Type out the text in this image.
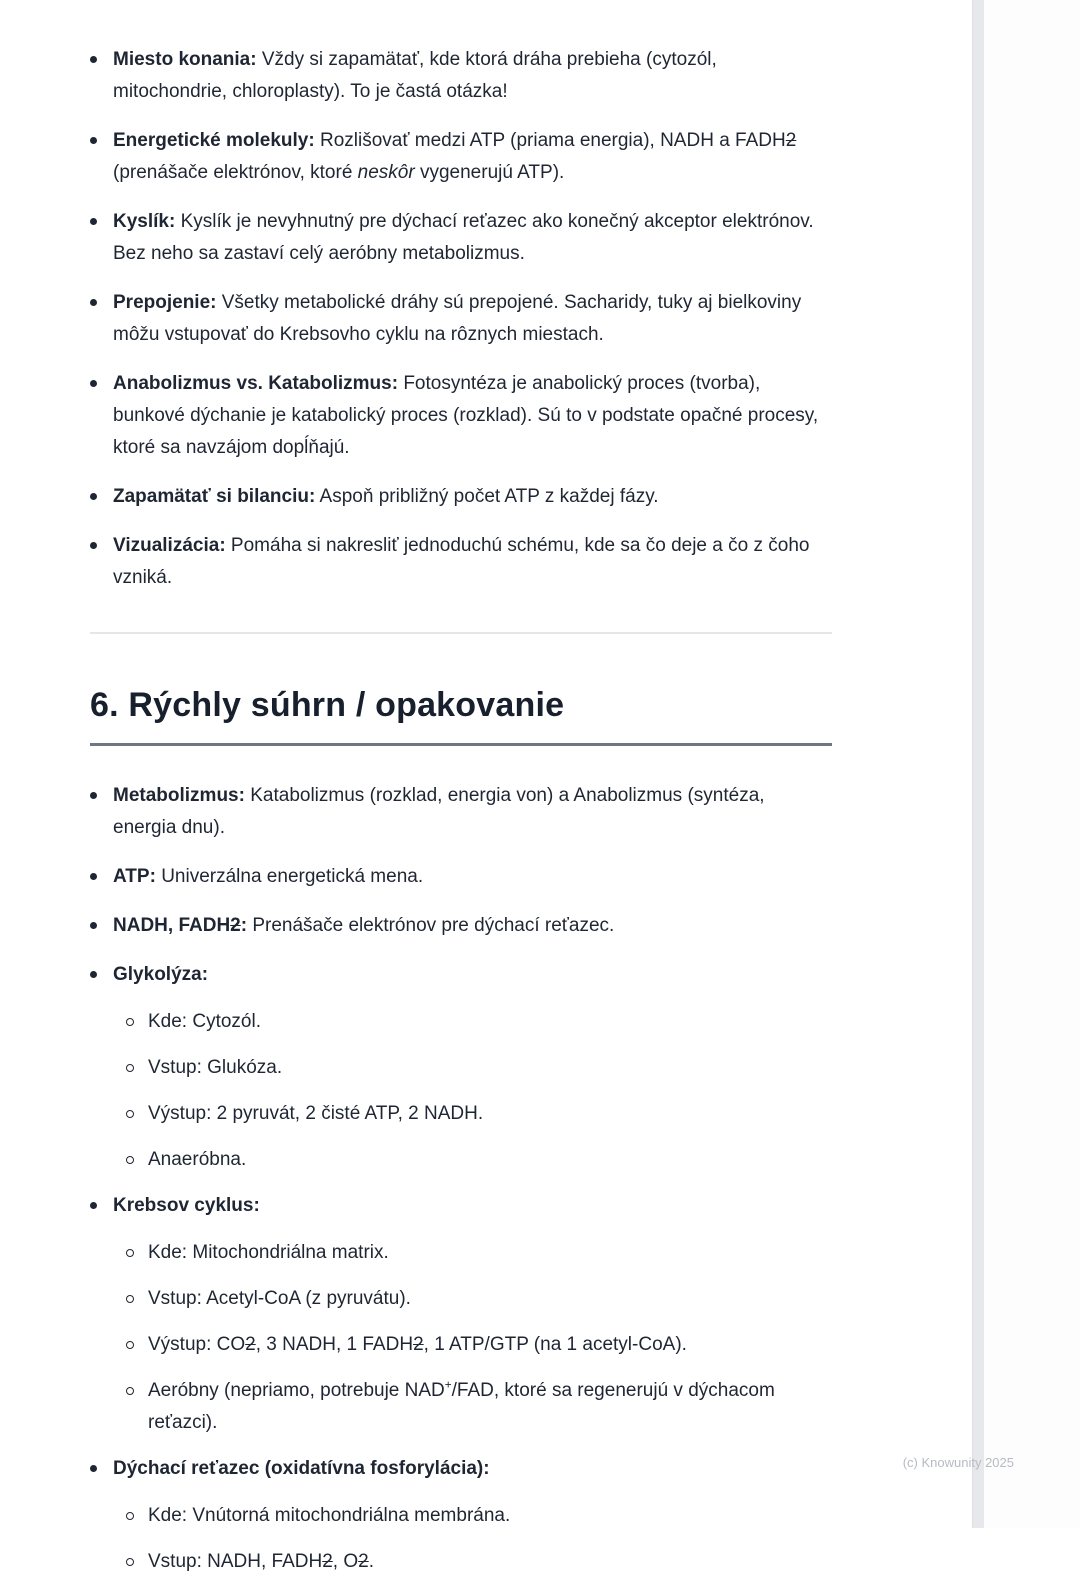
Miesto konania: Vždy si zapamätať, kde ktorá dráha prebieha (cytozól, mitochondrie, chloroplasty). To je častá otázka!
Energetické molekuly: Rozlišovať medzi ATP (priama energia), NADH a FADH2 (prenášače elektrónov, ktoré neskôr vygenerujú ATP).
Kyslík: Kyslík je nevyhnutný pre dýchací reťazec ako konečný akceptor elektrónov. Bez neho sa zastaví celý aeróbny metabolizmus.
Prepojenie: Všetky metabolické dráhy sú prepojené. Sacharidy, tuky aj bielkoviny môžu vstupovať do Krebsovho cyklu na rôznych miestach.
Anabolizmus vs. Katabolizmus: Fotosyntéza je anabolický proces (tvorba), bunkové dýchanie je katabolický proces (rozklad). Sú to v podstate opačné procesy, ktoré sa navzájom dopĺňajú.
Zapamätať si bilanciu: Aspoň približný počet ATP z každej fázy.
Vizualizácia: Pomáha si nakresliť jednoduchú schému, kde sa čo deje a čo z čoho vzniká.
6. Rýchly súhrn / opakovanie
Metabolizmus: Katabolizmus (rozklad, energia von) a Anabolizmus (syntéza, energia dnu).
ATP: Univerzálna energetická mena.
NADH, FADH2: Prenášače elektrónov pre dýchací reťazec.
Glykolýza:
Kde: Cytozól.
Vstup: Glukóza.
Výstup: 2 pyruvát, 2 čisté ATP, 2 NADH.
Anaeróbna.
Krebsov cyklus:
Kde: Mitochondriálna matrix.
Vstup: Acetyl-CoA (z pyruvátu).
Výstup: CO2, 3 NADH, 1 FADH2, 1 ATP/GTP (na 1 acetyl-CoA).
Aeróbny (nepriamo, potrebuje NAD+/FAD, ktoré sa regenerujú v dýchacom reťazci).
Dýchací reťazec (oxidatívna fosforylácia):
Kde: Vnútorná mitochondriálna membrána.
Vstup: NADH, FADH2, O2.
(c) Knowunity 2025
